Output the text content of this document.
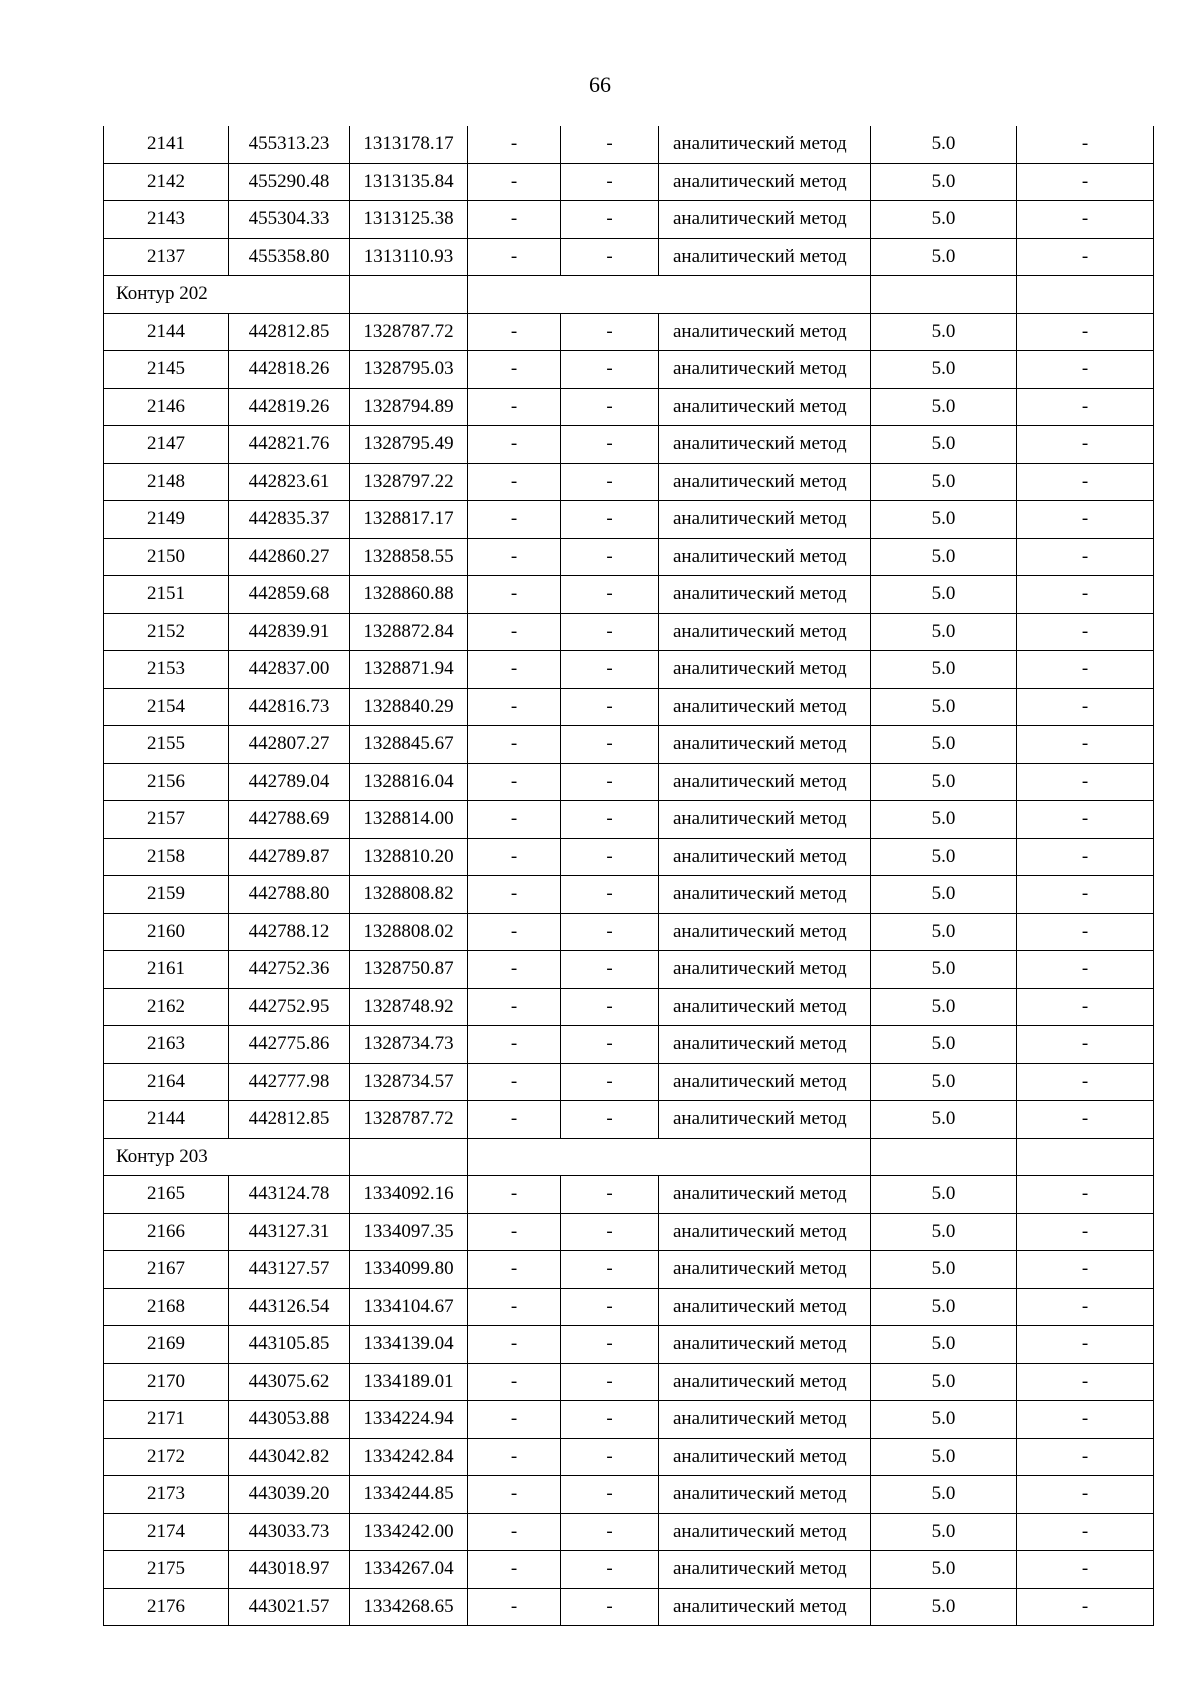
66
2141	455313.23	1313178.17	-	-	аналитический метод	5.0	-
2142	455290.48	1313135.84	-	-	аналитический метод	5.0	-
2143	455304.33	1313125.38	-	-	аналитический метод	5.0	-
2137	455358.80	1313110.93	-	-	аналитический метод	5.0	-
Контур 202							
2144	442812.85	1328787.72	-	-	аналитический метод	5.0	-
2145	442818.26	1328795.03	-	-	аналитический метод	5.0	-
2146	442819.26	1328794.89	-	-	аналитический метод	5.0	-
2147	442821.76	1328795.49	-	-	аналитический метод	5.0	-
2148	442823.61	1328797.22	-	-	аналитический метод	5.0	-
2149	442835.37	1328817.17	-	-	аналитический метод	5.0	-
2150	442860.27	1328858.55	-	-	аналитический метод	5.0	-
2151	442859.68	1328860.88	-	-	аналитический метод	5.0	-
2152	442839.91	1328872.84	-	-	аналитический метод	5.0	-
2153	442837.00	1328871.94	-	-	аналитический метод	5.0	-
2154	442816.73	1328840.29	-	-	аналитический метод	5.0	-
2155	442807.27	1328845.67	-	-	аналитический метод	5.0	-
2156	442789.04	1328816.04	-	-	аналитический метод	5.0	-
2157	442788.69	1328814.00	-	-	аналитический метод	5.0	-
2158	442789.87	1328810.20	-	-	аналитический метод	5.0	-
2159	442788.80	1328808.82	-	-	аналитический метод	5.0	-
2160	442788.12	1328808.02	-	-	аналитический метод	5.0	-
2161	442752.36	1328750.87	-	-	аналитический метод	5.0	-
2162	442752.95	1328748.92	-	-	аналитический метод	5.0	-
2163	442775.86	1328734.73	-	-	аналитический метод	5.0	-
2164	442777.98	1328734.57	-	-	аналитический метод	5.0	-
2144	442812.85	1328787.72	-	-	аналитический метод	5.0	-
Контур 203							
2165	443124.78	1334092.16	-	-	аналитический метод	5.0	-
2166	443127.31	1334097.35	-	-	аналитический метод	5.0	-
2167	443127.57	1334099.80	-	-	аналитический метод	5.0	-
2168	443126.54	1334104.67	-	-	аналитический метод	5.0	-
2169	443105.85	1334139.04	-	-	аналитический метод	5.0	-
2170	443075.62	1334189.01	-	-	аналитический метод	5.0	-
2171	443053.88	1334224.94	-	-	аналитический метод	5.0	-
2172	443042.82	1334242.84	-	-	аналитический метод	5.0	-
2173	443039.20	1334244.85	-	-	аналитический метод	5.0	-
2174	443033.73	1334242.00	-	-	аналитический метод	5.0	-
2175	443018.97	1334267.04	-	-	аналитический метод	5.0	-
2176	443021.57	1334268.65	-	-	аналитический метод	5.0	-
